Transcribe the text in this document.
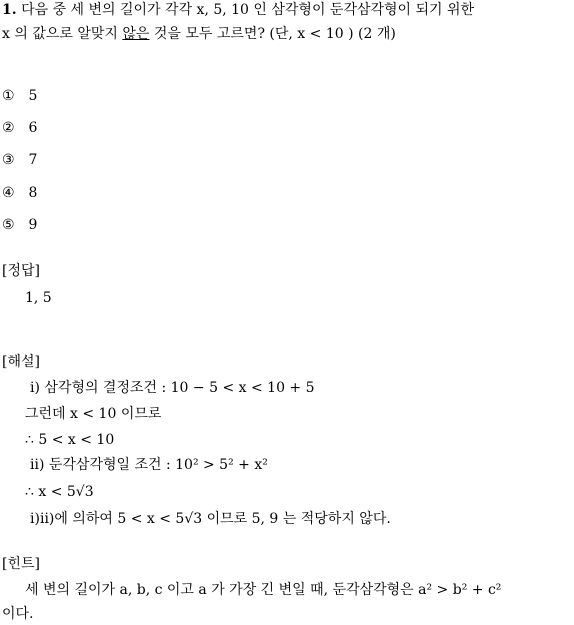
1. 다음 중 세 변의 길이가 각각 x, 5, 10 인 삼각형이 둔각삼각형이 되기 위한
x 의 값으로 알맞지 않은 것을 모두 고르면? (단, x < 10 ) (2 개)
① 5
② 6
③ 7
④ 8
⑤ 9
[정답]
1, 5
[해설]
ⅰ) 삼각형의 결정조건 : 10 − 5 < x < 10 + 5
그런데 x < 10 이므로
∴ 5 < x < 10
ⅱ) 둔각삼각형일 조건 : 10² > 5² + x²
∴ x < 5√3
ⅰ)ⅱ)에 의하여 5 < x < 5√3 이므로 5, 9 는 적당하지 않다.
[힌트]
세 변의 길이가 a, b, c 이고 a 가 가장 긴 변일 때, 둔각삼각형은 a² > b² + c²
이다.
